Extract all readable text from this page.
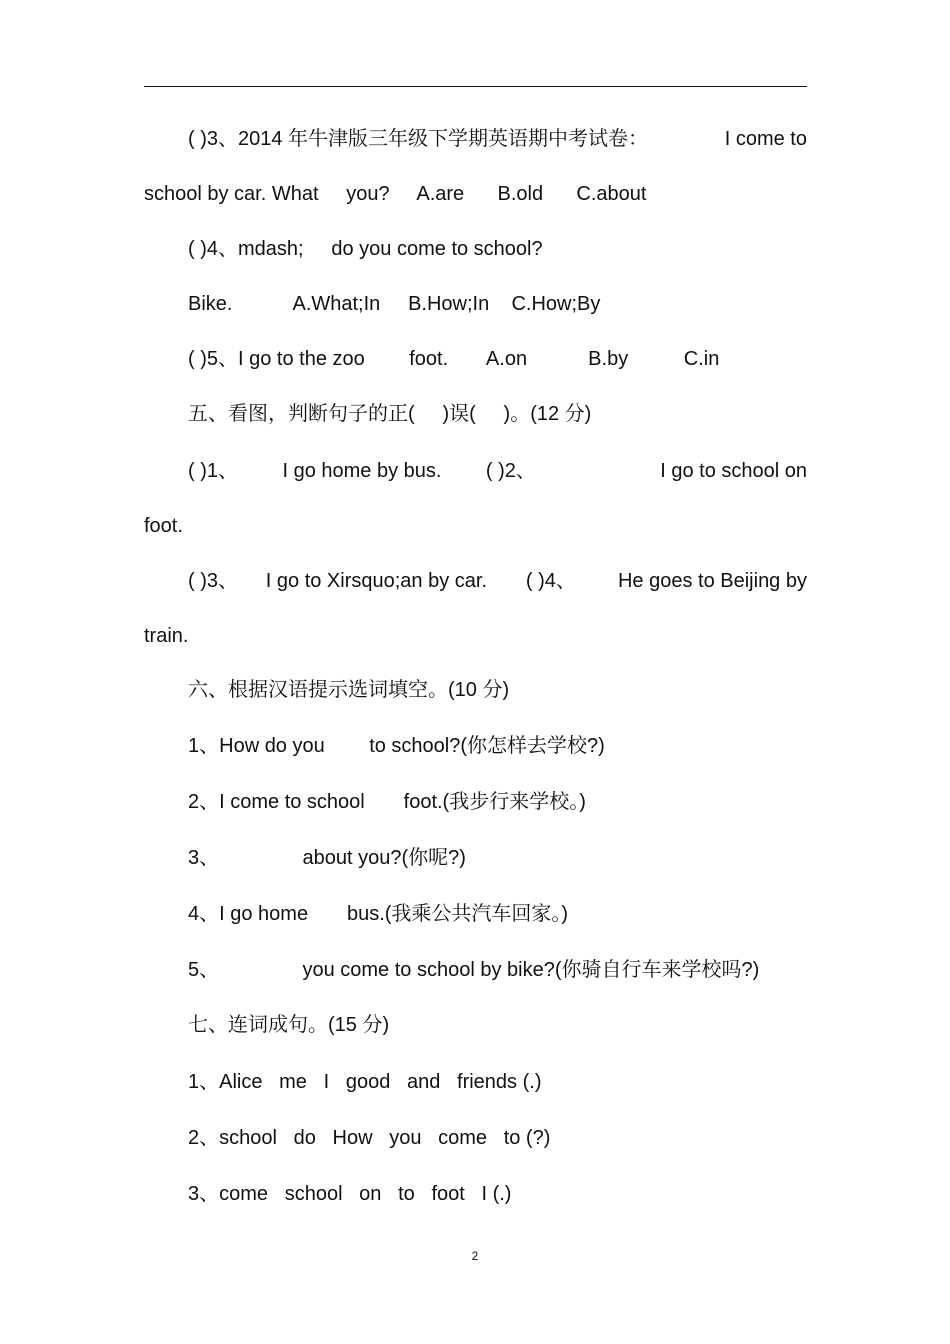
( )3、2014 年牛津版三年级下学期英语期中考试卷：	I come to
school by car. What     you?     A.are      B.old      C.about
( )4、mdash;     do you come to school?
Bike.           A.What;In     B.How;In    C.How;By
( )5、I go to the zoo        foot.       A.on           B.by          C.in
五、看图，判断句子的正(     )误(     )。(12 分)
( )1、        I go home by bus.        ( )2、	I go to school on
foot.
( )3、     I go to Xirsquo;an by car.       ( )4、 He goes to Beijing by
train.
六、根据汉语提示选词填空。(10 分)
1、How do you        to school?(你怎样去学校?)
2、I come to school       foot.(我步行来学校。)
3、               about you?(你呢?)
4、I go home       bus.(我乘公共汽车回家。)
5、               you come to school by bike?(你骑自行车来学校吗?)
七、连词成句。(15 分)
1、Alice   me   I   good   and   friends (.)
2、school   do   How   you   come   to (?)
3、come   school   on   to   foot   I (.)
2
